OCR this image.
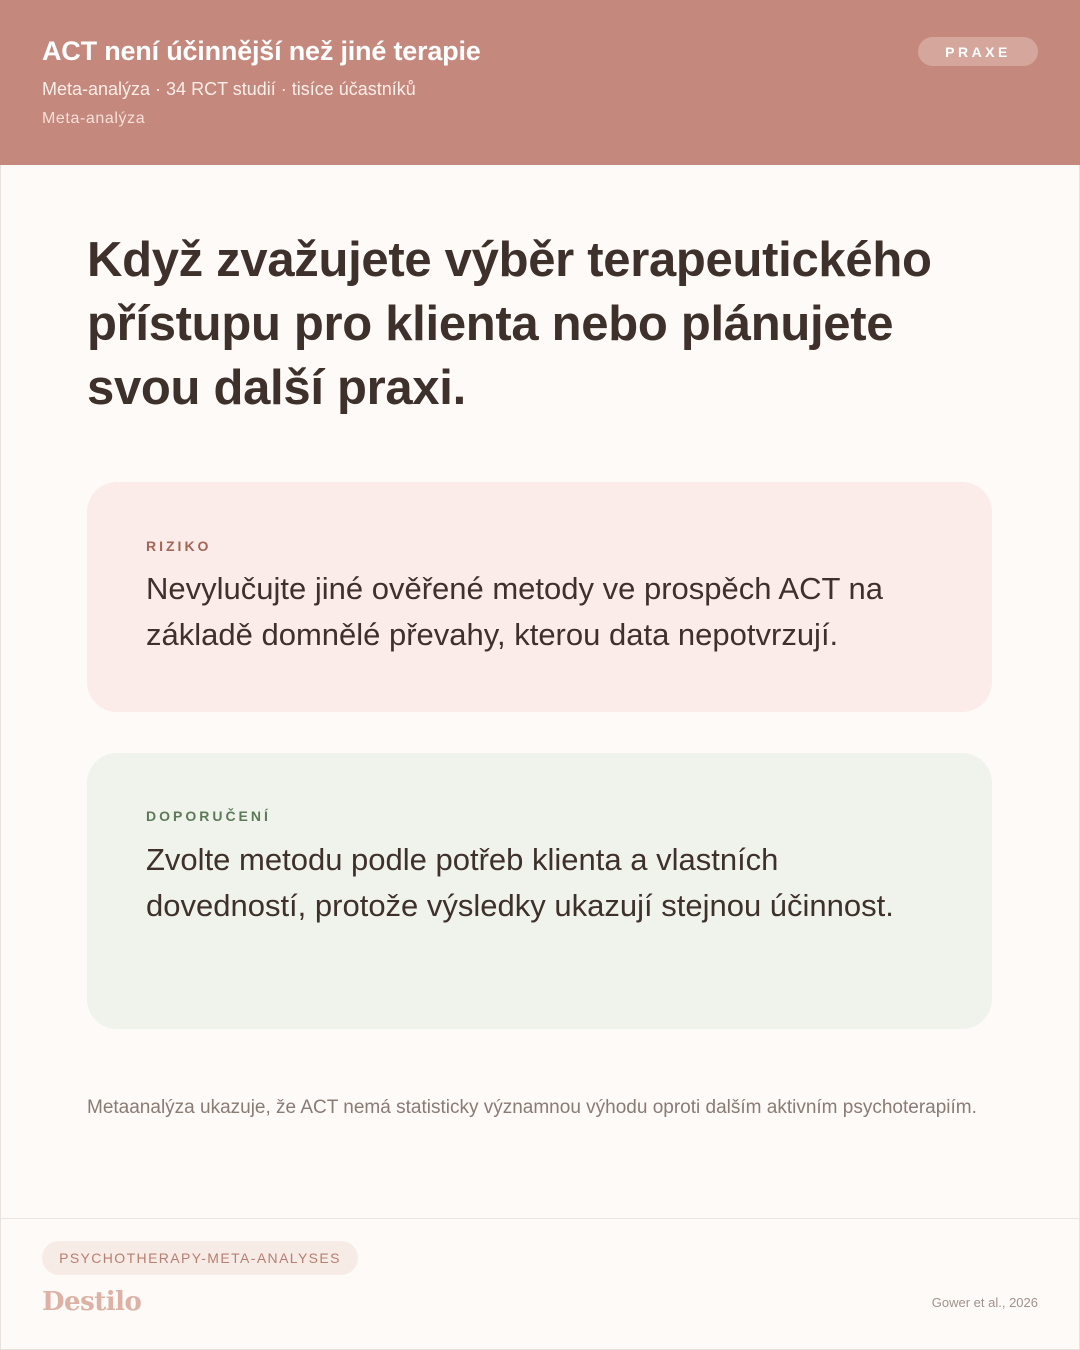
ACT není účinnější než jiné terapie
Meta-analýza · 34 RCT studií · tisíce účastníků
Meta-analýza
PRAXE
Když zvažujete výběr terapeutického přístupu pro klienta nebo plánujete svou další praxi.
RIZIKO
Nevylučujte jiné ověřené metody ve prospěch ACT na základě domnělé převahy, kterou data nepotvrzují.
DOPORUČENÍ
Zvolte metodu podle potřeb klienta a vlastních dovedností, protože výsledky ukazují stejnou účinnost.
Metaanalýza ukazuje, že ACT nemá statisticky významnou výhodu oproti dalším aktivním psychoterapiím.
PSYCHOTHERAPY-META-ANALYSES
Destilo	Gower et al., 2026
